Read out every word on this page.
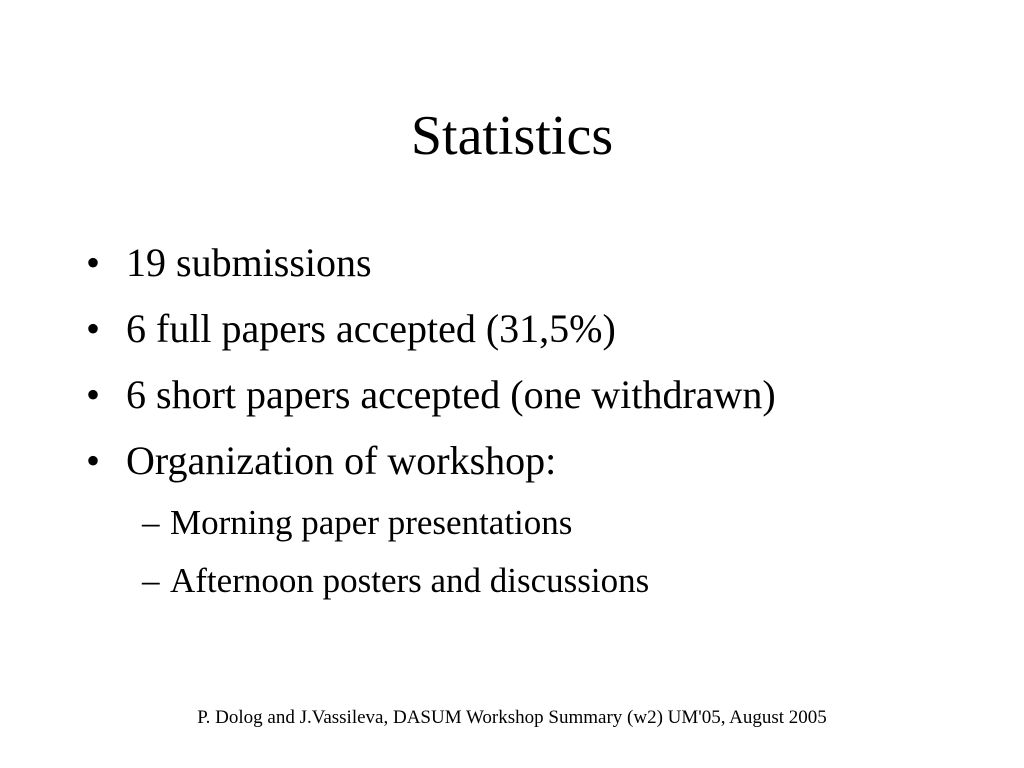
Statistics
• 19 submissions
• 6 full papers accepted (31,5%)
• 6 short papers accepted (one withdrawn)
• Organization of workshop:
– Morning paper presentations
– Afternoon posters and discussions
P. Dolog and J.Vassileva, DASUM Workshop Summary (w2) UM'05, August 2005
